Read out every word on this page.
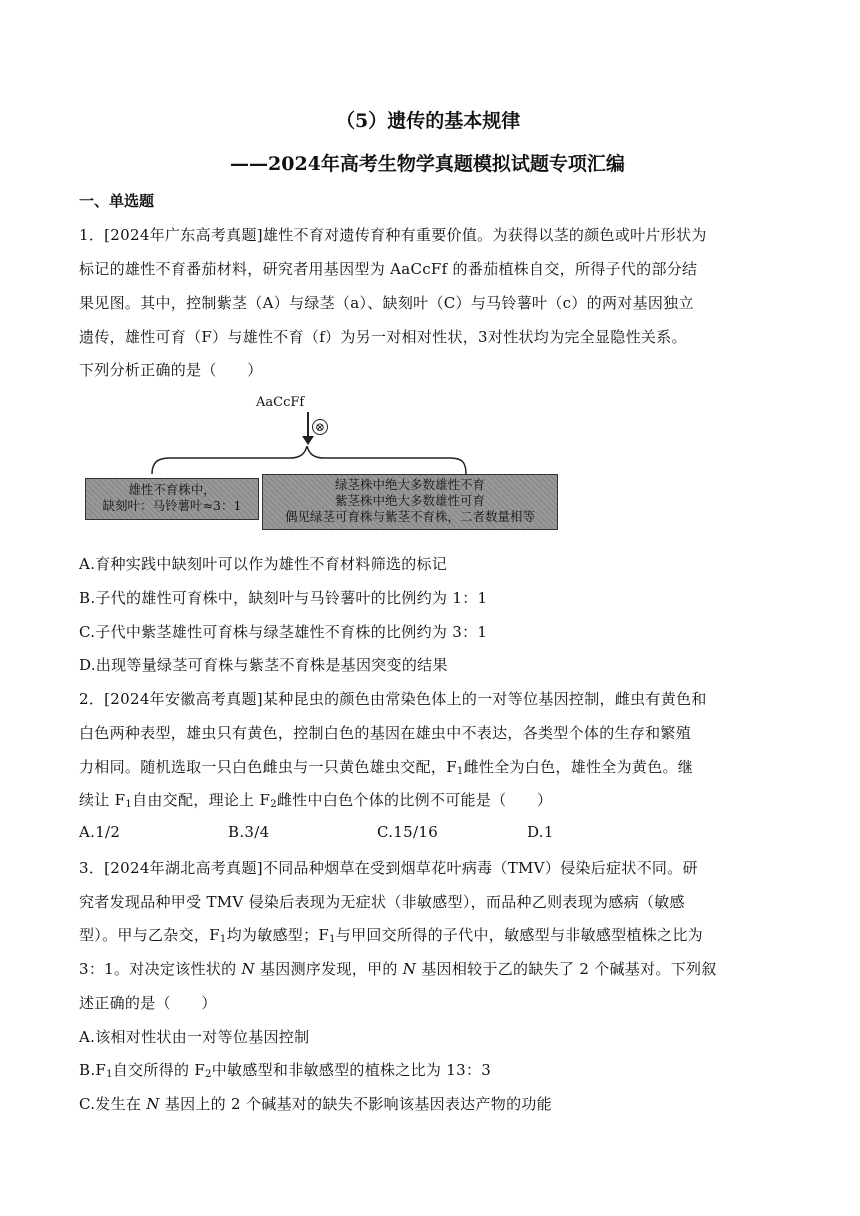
（5）遗传的基本规律
——2024年高考生物学真题模拟试题专项汇编
一、单选题
1．[2024年广东高考真题]雄性不育对遗传育种有重要价值。为获得以茎的颜色或叶片形状为
标记的雄性不育番茄材料，研究者用基因型为 AaCcFf 的番茄植株自交，所得子代的部分结
果见图。其中，控制紫茎（A）与绿茎（a）、缺刻叶（C）与马铃薯叶（c）的两对基因独立
遗传，雄性可育（F）与雄性不育（f）为另一对相对性状，3对性状均为完全显隐性关系。
下列分析正确的是（　　）
AaCcFf
⊗
雄性不育株中，
缺刻叶：马铃薯叶≈3：1
绿茎株中绝大多数雄性不育
紫茎株中绝大多数雄性可育
偶见绿茎可育株与紫茎不育株，二者数量相等
A.育种实践中缺刻叶可以作为雄性不育材料筛选的标记
B.子代的雄性可育株中，缺刻叶与马铃薯叶的比例约为 1：1
C.子代中紫茎雄性可育株与绿茎雄性不育株的比例约为 3：1
D.出现等量绿茎可育株与紫茎不育株是基因突变的结果
2．[2024年安徽高考真题]某种昆虫的颜色由常染色体上的一对等位基因控制，雌虫有黄色和
白色两种表型，雄虫只有黄色，控制白色的基因在雄虫中不表达，各类型个体的生存和繁殖
力相同。随机选取一只白色雌虫与一只黄色雄虫交配，$F_1$雌性全为白色，雄性全为黄色。继
续让 $F_1$自由交配，理论上 $F_2$雌性中白色个体的比例不可能是（　　）
A.1/2	B.3/4	C.15/16	D.1
3．[2024年湖北高考真题]不同品种烟草在受到烟草花叶病毒（TMV）侵染后症状不同。研
究者发现品种甲受 TMV 侵染后表现为无症状（非敏感型），而品种乙则表现为感病（敏感
型）。甲与乙杂交，$F_1$均为敏感型；$F_1$与甲回交所得的子代中，敏感型与非敏感型植株之比为
3：1。对决定该性状的 N 基因测序发现，甲的 N 基因相较于乙的缺失了 2 个碱基对。下列叙
述正确的是（　　）
A.该相对性状由一对等位基因控制
$B.F_1$自交所得的 $F_2$中敏感型和非敏感型的植株之比为 13：3
C.发生在 N 基因上的 2 个碱基对的缺失不影响该基因表达产物的功能
